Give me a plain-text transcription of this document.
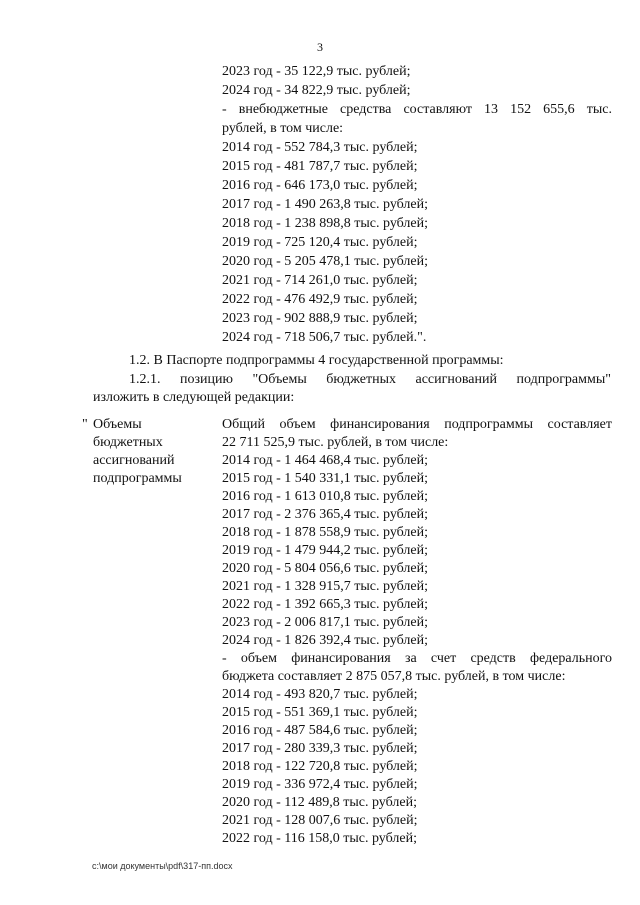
3
2023 год - 35 122,9 тыс. рублей;
2024 год - 34 822,9 тыс. рублей;
- внебюджетные средства составляют 13 152 655,6 тыс.
рублей, в том числе:
2014 год - 552 784,3 тыс. рублей;
2015 год - 481 787,7 тыс. рублей;
2016 год - 646 173,0 тыс. рублей;
2017 год - 1 490 263,8 тыс. рублей;
2018 год - 1 238 898,8 тыс. рублей;
2019 год - 725 120,4 тыс. рублей;
2020 год - 5 205 478,1 тыс. рублей;
2021 год - 714 261,0 тыс. рублей;
2022 год - 476 492,9 тыс. рублей;
2023 год - 902 888,9 тыс. рублей;
2024 год - 718 506,7 тыс. рублей.".
1.2. В Паспорте подпрограммы 4 государственной программы:
1.2.1. позицию "Объемы бюджетных ассигнований подпрограммы"
изложить в следующей редакции:
" Объемы
бюджетных
ассигнований
подпрограммы
Общий объем финансирования подпрограммы составляет
22 711 525,9 тыс. рублей, в том числе:
2014 год - 1 464 468,4 тыс. рублей;
2015 год - 1 540 331,1 тыс. рублей;
2016 год - 1 613 010,8 тыс. рублей;
2017 год - 2 376 365,4 тыс. рублей;
2018 год - 1 878 558,9 тыс. рублей;
2019 год - 1 479 944,2 тыс. рублей;
2020 год - 5 804 056,6 тыс. рублей;
2021 год - 1 328 915,7 тыс. рублей;
2022 год - 1 392 665,3 тыс. рублей;
2023 год - 2 006 817,1 тыс. рублей;
2024 год - 1 826 392,4 тыс. рублей;
- объем финансирования за счет средств федерального
бюджета составляет 2 875 057,8 тыс. рублей, в том числе:
2014 год - 493 820,7 тыс. рублей;
2015 год - 551 369,1 тыс. рублей;
2016 год - 487 584,6 тыс. рублей;
2017 год - 280 339,3 тыс. рублей;
2018 год - 122 720,8 тыс. рублей;
2019 год - 336 972,4 тыс. рублей;
2020 год - 112 489,8 тыс. рублей;
2021 год - 128 007,6 тыс. рублей;
2022 год - 116 158,0 тыс. рублей;
c:\мои документы\pdf\317-пп.docx
